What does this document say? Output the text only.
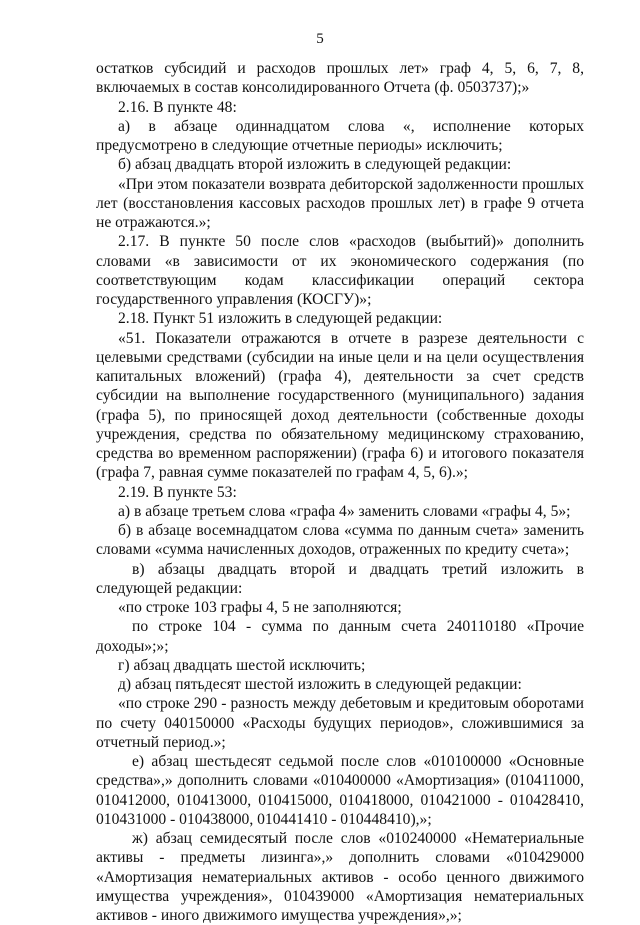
5

остатков субсидий и расходов прошлых лет» граф 4, 5, 6, 7, 8, включаемых в состав консолидированного Отчета (ф. 0503737);»

2.16. В пункте 48:

а) в абзаце одиннадцатом слова «, исполнение которых предусмотрено в следующие отчетные периоды» исключить;

б) абзац двадцать второй изложить в следующей редакции:

«При этом показатели возврата дебиторской задолженности прошлых лет (восстановления кассовых расходов прошлых лет) в графе 9 отчета не отражаются.»;

2.17. В пункте 50 после слов «расходов (выбытий)» дополнить словами «в зависимости от их экономического содержания (по соответствующим кодам классификации операций сектора государственного управления (КОСГУ)»;

2.18. Пункт 51 изложить в следующей редакции:

«51. Показатели отражаются в отчете в разрезе деятельности с целевыми средствами (субсидии на иные цели и на цели осуществления капитальных вложений) (графа 4), деятельности за счет средств субсидии на выполнение государственного (муниципального) задания (графа 5), по приносящей доход деятельности (собственные доходы учреждения, средства по обязательному медицинскому страхованию, средства во временном распоряжении) (графа 6) и итогового показателя (графа 7, равная сумме показателей по графам 4, 5, 6).»;

2.19. В пункте 53:

а) в абзаце третьем слова «графа 4» заменить словами «графы 4, 5»;

б) в абзаце восемнадцатом слова «сумма по данным счета» заменить словами «сумма начисленных доходов, отраженных по кредиту счета»;

в) абзацы двадцать второй и двадцать третий изложить в следующей редакции:

«по строке 103 графы 4, 5 не заполняются;

по строке 104 - сумма по данным счета 240110180 «Прочие доходы»;»;

г) абзац двадцать шестой исключить;

д) абзац пятьдесят шестой изложить в следующей редакции:

«по строке 290 - разность между дебетовым и кредитовым оборотами по счету 040150000 «Расходы будущих периодов», сложившимися за отчетный период.»;

е) абзац шестьдесят седьмой после слов «010100000 «Основные средства»,» дополнить словами «010400000 «Амортизация» (010411000, 010412000, 010413000, 010415000, 010418000, 010421000 - 010428410, 010431000 - 010438000, 010441410 - 010448410),»;

ж) абзац семидесятый после слов «010240000 «Нематериальные активы - предметы лизинга»,» дополнить словами «010429000 «Амортизация нематериальных активов - особо ценного движимого имущества учреждения», 010439000 «Амортизация нематериальных активов - иного движимого имущества учреждения»,»;
